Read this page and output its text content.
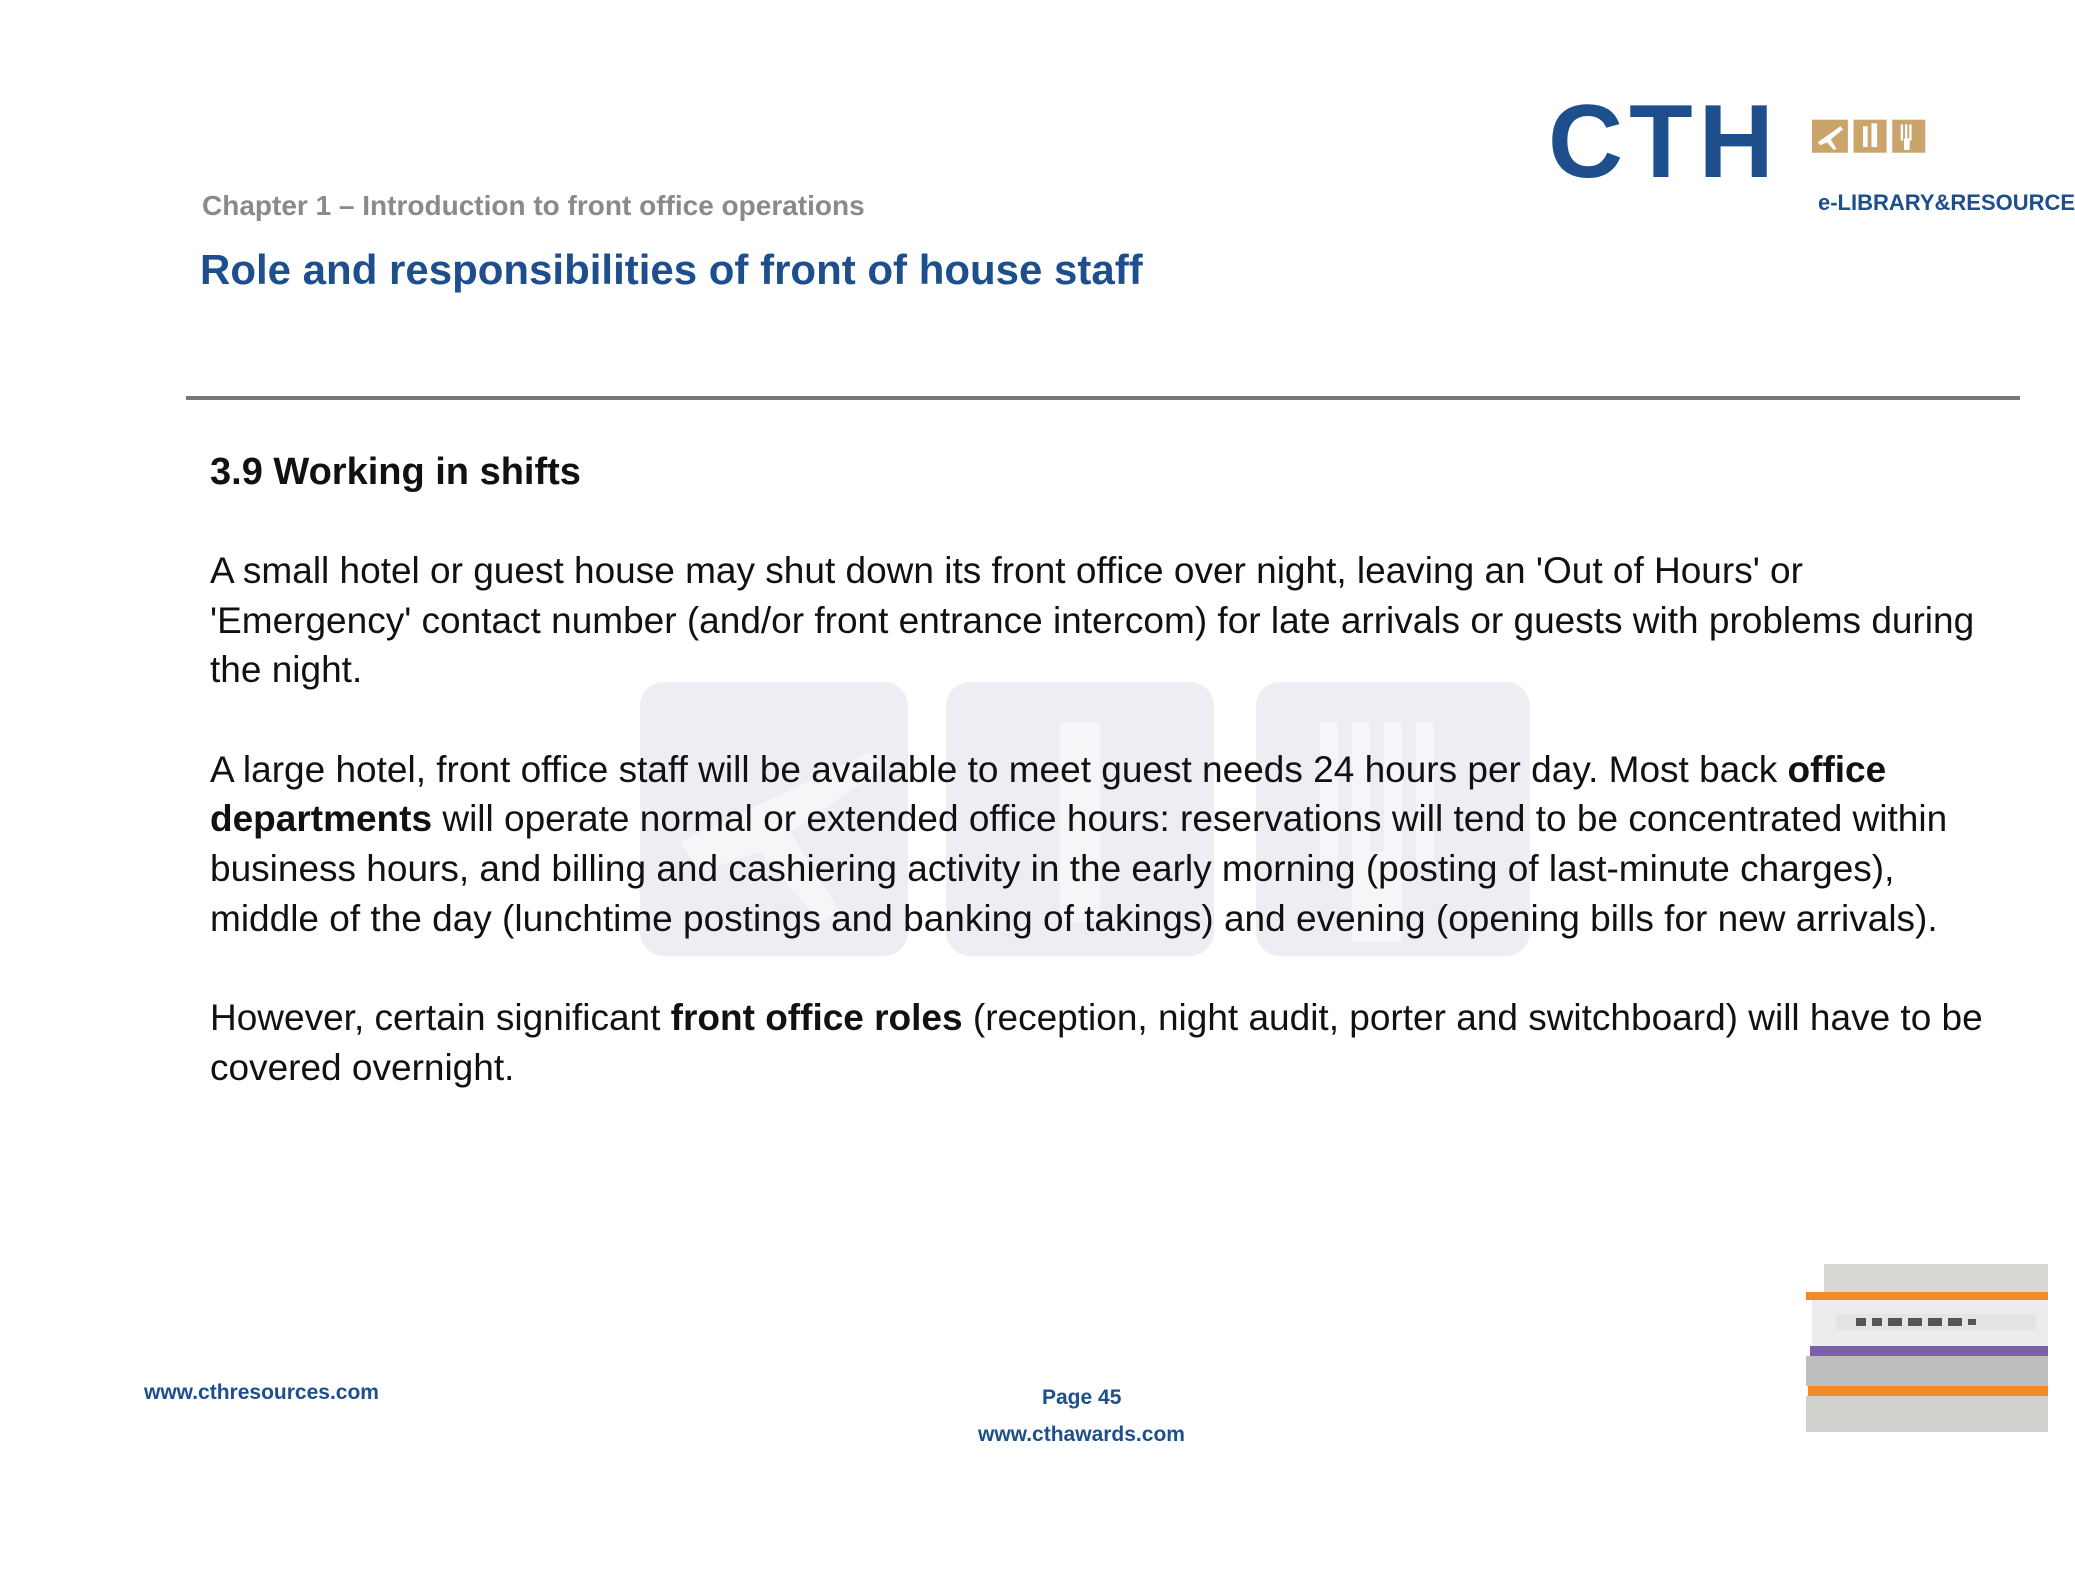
CTH
e-LIBRARY&RESOURCE
Chapter 1 – Introduction to front office operations
Role and responsibilities of front of house staff
3.9 Working in shifts

A small hotel or guest house may shut down its front office over night, leaving an 'Out of Hours' or 'Emergency' contact number (and/or front entrance intercom) for late arrivals or guests with problems during the night.

A large hotel, front office staff will be available to meet guest needs 24 hours per day. Most back office departments will operate normal or extended office hours: reservations will tend to be concentrated within business hours, and billing and cashiering activity in the early morning (posting of last-minute charges), middle of the day (lunchtime postings and banking of takings) and evening (opening bills for new arrivals).

However, certain significant front office roles (reception, night audit, porter and switchboard) will have to be covered overnight.

www.cthresources.com	Page 45
www.cthawards.com
